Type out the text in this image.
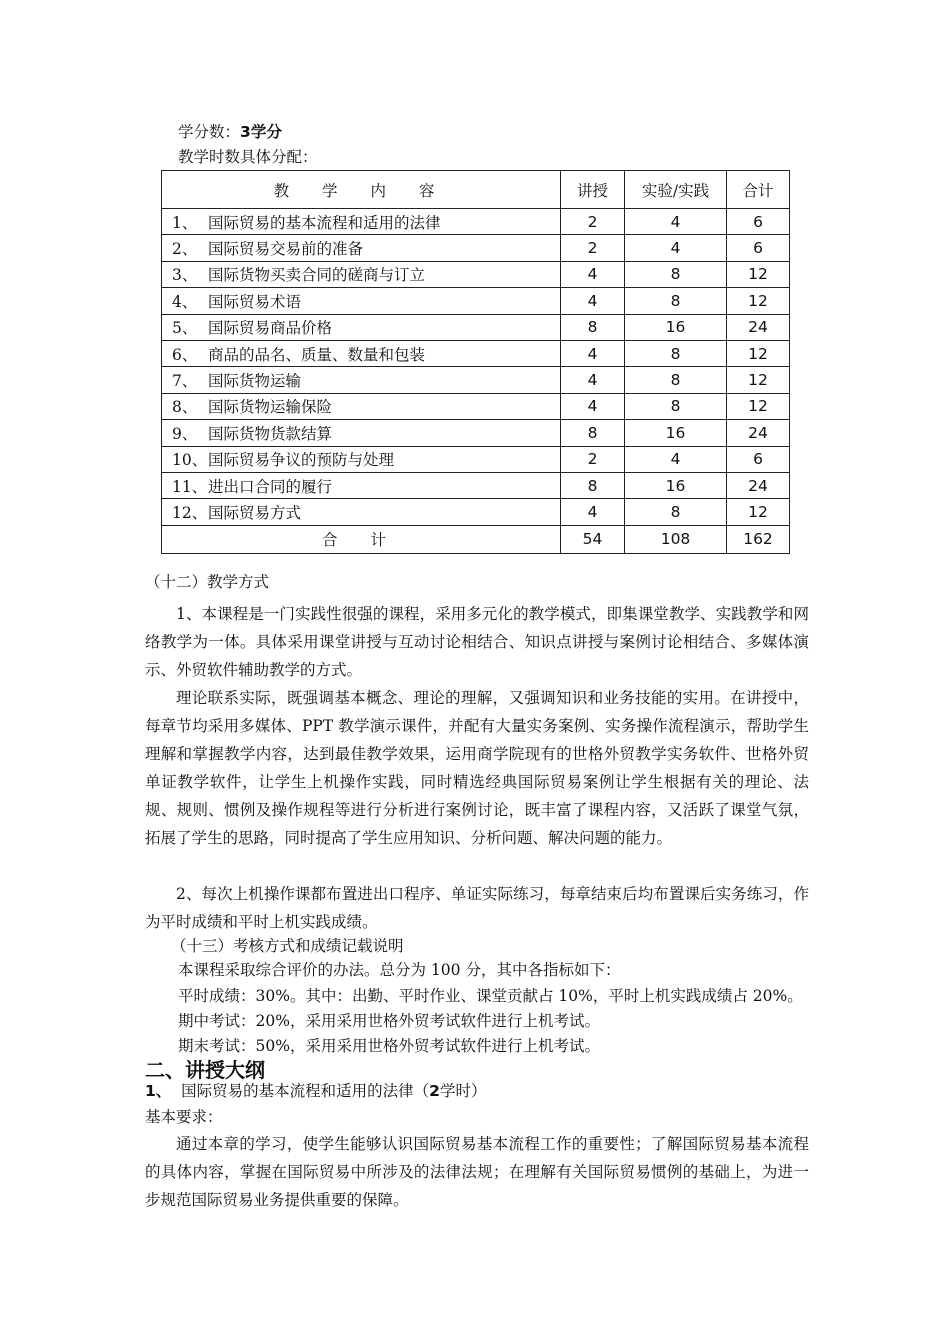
学分数：3学分
教学时数具体分配：
教 学 内 容	讲授	实验/实践	合计
1、 国际贸易的基本流程和适用的法律	2	4	6
2、 国际贸易交易前的准备	2	4	6
3、 国际货物买卖合同的磋商与订立	4	8	12
4、 国际贸易术语	4	8	12
5、 国际贸易商品价格	8	16	24
6、 商品的品名、质量、数量和包装	4	8	12
7、 国际货物运输	4	8	12
8、 国际货物运输保险	4	8	12
9、 国际货物货款结算	8	16	24
10、国际贸易争议的预防与处理	2	4	6
11、进出口合同的履行	8	16	24
12、国际贸易方式	4	8	12
合 计	54	108	162
（十二）教学方式
1、本课程是一门实践性很强的课程，采用多元化的教学模式，即集课堂教学、实践教学和网络教学为一体。具体采用课堂讲授与互动讨论相结合、知识点讲授与案例讨论相结合、多媒体演示、外贸软件辅助教学的方式。
理论联系实际，既强调基本概念、理论的理解，又强调知识和业务技能的实用。在讲授中，每章节均采用多媒体、PPT 教学演示课件，并配有大量实务案例、实务操作流程演示，帮助学生理解和掌握教学内容，达到最佳教学效果，运用商学院现有的世格外贸教学实务软件、世格外贸单证教学软件，让学生上机操作实践，同时精选经典国际贸易案例让学生根据有关的理论、法规、规则、惯例及操作规程等进行分析进行案例讨论，既丰富了课程内容，又活跃了课堂气氛，拓展了学生的思路，同时提高了学生应用知识、分析问题、解决问题的能力。
2、每次上机操作课都布置进出口程序、单证实际练习，每章结束后均布置课后实务练习，作为平时成绩和平时上机实践成绩。
（十三）考核方式和成绩记载说明
本课程采取综合评价的办法。总分为 100 分，其中各指标如下：
平时成绩：30%。其中：出勤、平时作业、课堂贡献占 10%，平时上机实践成绩占 20%。
期中考试：20%，采用采用世格外贸考试软件进行上机考试。
期末考试：50%，采用采用世格外贸考试软件进行上机考试。
二、讲授大纲
1、 国际贸易的基本流程和适用的法律（2学时）
基本要求：
通过本章的学习，使学生能够认识国际贸易基本流程工作的重要性；了解国际贸易基本流程的具体内容，掌握在国际贸易中所涉及的法律法规；在理解有关国际贸易惯例的基础上，为进一步规范国际贸易业务提供重要的保障。
